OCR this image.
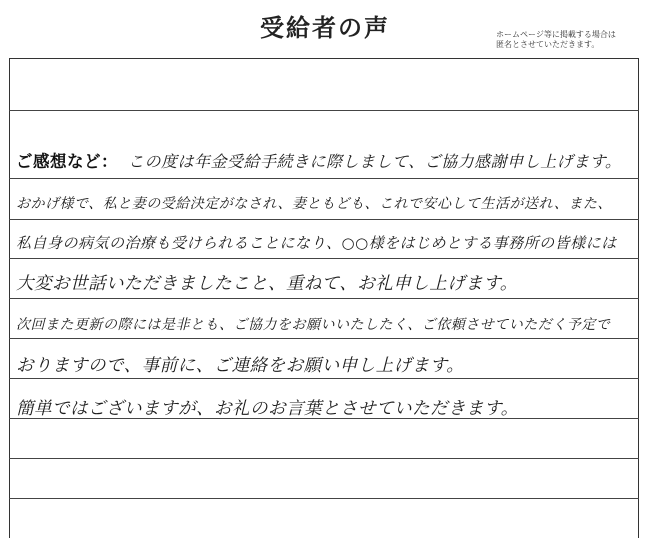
受給者の声	ホームページ等に掲載する場合は
匿名とさせていただきます。
ご感想など： この度は年金受給手続きに際しまして、ご協力感謝申し上げます。
おかげ様で、私と妻の受給決定がなされ、妻ともども、これで安心して生活が送れ、また、
私自身の病気の治療も受けられることになり、○○様をはじめとする事務所の皆様には
大変お世話いただきましたこと、重ねて、お礼申し上げます。
次回また更新の際には是非とも、ご協力をお願いいたしたく、ご依頼させていただく予定で
おりますので、事前に、ご連絡をお願い申し上げます。
簡単ではございますが、お礼のお言葉とさせていただきます。
